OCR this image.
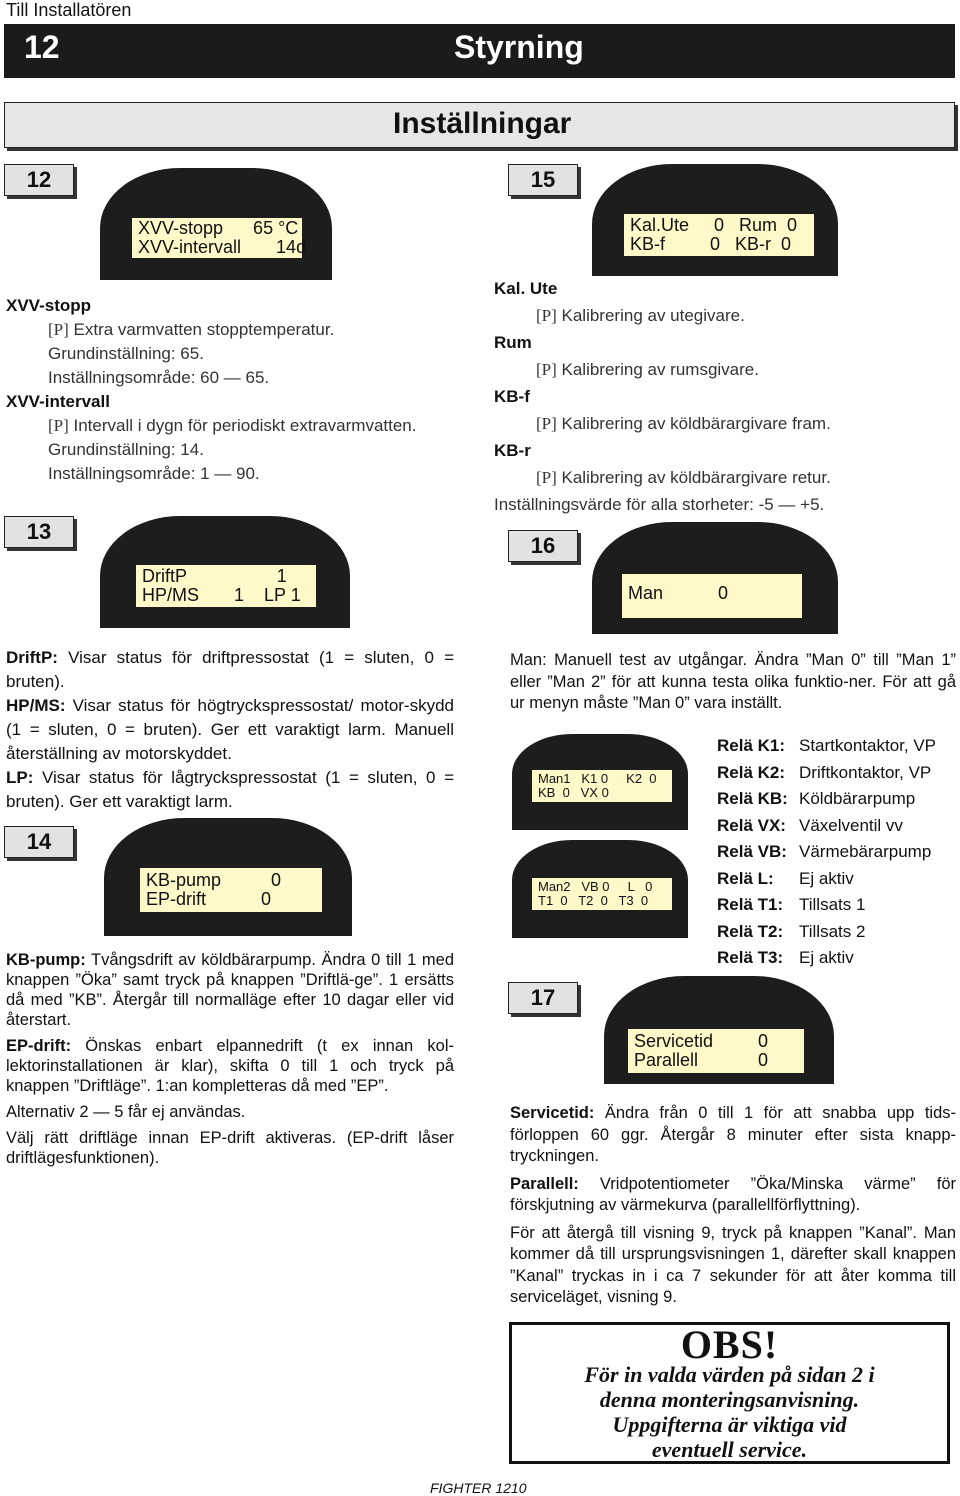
Till Installatören
12	Styrning
Inställningar
12
XVV-stopp      65 °C
XVV-intervall       14d
XVV-stopp
[P] Extra varmvatten stopptemperatur.
Grundinställning: 65.
Inställningsområde: 60 — 65.
XVV-intervall
[P] Intervall i dygn för periodiskt extravarmvatten.
Grundinställning: 14.
Inställningsområde: 1 — 90.
13
DriftP                  1
HP/MS       1    LP 1
DriftP: Visar status för driftpressostat (1 = sluten, 0 = bruten).
HP/MS: Visar status för högtryckspressostat/ motor-skydd (1 = sluten, 0 = bruten). Ger ett varaktigt larm. Manuell återställning av motorskyddet.
LP: Visar status för lågtryckspressostat (1 = sluten, 0 = bruten). Ger ett varaktigt larm.
14
KB-pump          0
EP-drift           0
KB-pump: Tvångsdrift av köldbärarpump. Ändra 0 till 1 med knappen ”Öka” samt tryck på knappen ”Driftlä-ge”. 1 ersätts då med ”KB”. Återgår till normalläge efter 10 dagar eller vid återstart.
EP-drift: Önskas enbart elpannedrift (t ex innan kol-lektorinstallationen är klar), skifta 0 till 1 och tryck på knappen ”Driftläge”. 1:an kompletteras då med ”EP”.
Alternativ 2 — 5 får ej användas.
Välj rätt driftläge innan EP-drift aktiveras. (EP-drift låser driftlägesfunktionen).
15
Kal.Ute     0   Rum  0
KB-f         0   KB-r  0
Kal. Ute
[P] Kalibrering av utegivare.
Rum
[P] Kalibrering av rumsgivare.
KB-f
[P] Kalibrering av köldbärargivare fram.
KB-r
[P] Kalibrering av köldbärargivare retur.
Inställningsvärde för alla storheter: -5 — +5.
16
Man           0
Man: Manuell test av utgångar. Ändra ”Man 0” till ”Man 1” eller ”Man 2” för att kunna testa olika funktio-ner. För att gå ur menyn måste ”Man 0” vara inställt.
Man1   K1 0     K2  0
KB  0   VX 0
Man2   VB 0     L   0
T1  0   T2  0   T3  0
Relä K1: Startkontaktor, VP
Relä K2: Driftkontaktor, VP
Relä KB: Köldbärarpump
Relä VX: Växelventil vv
Relä VB: Värmebärarpump
Relä L: Ej aktiv
Relä T1: Tillsats 1
Relä T2: Tillsats 2
Relä T3: Ej aktiv
17
Servicetid         0
Parallell            0
Servicetid: Ändra från 0 till 1 för att snabba upp tids-förloppen 60 ggr. Återgår 8 minuter efter sista knapp-tryckningen.
Parallell: Vridpotentiometer ”Öka/Minska värme” för förskjutning av värmekurva (parallellförflyttning).
För att återgå till visning 9, tryck på knappen ”Kanal”. Man kommer då till ursprungsvisningen 1, därefter skall knappen ”Kanal” tryckas in i ca 7 sekunder för att åter komma till serviceläget, visning 9.
OBS!
För in valda värden på sidan 2 i
denna monteringsanvisning.
Uppgifterna är viktiga vid
eventuell service.
FIGHTER 1210
